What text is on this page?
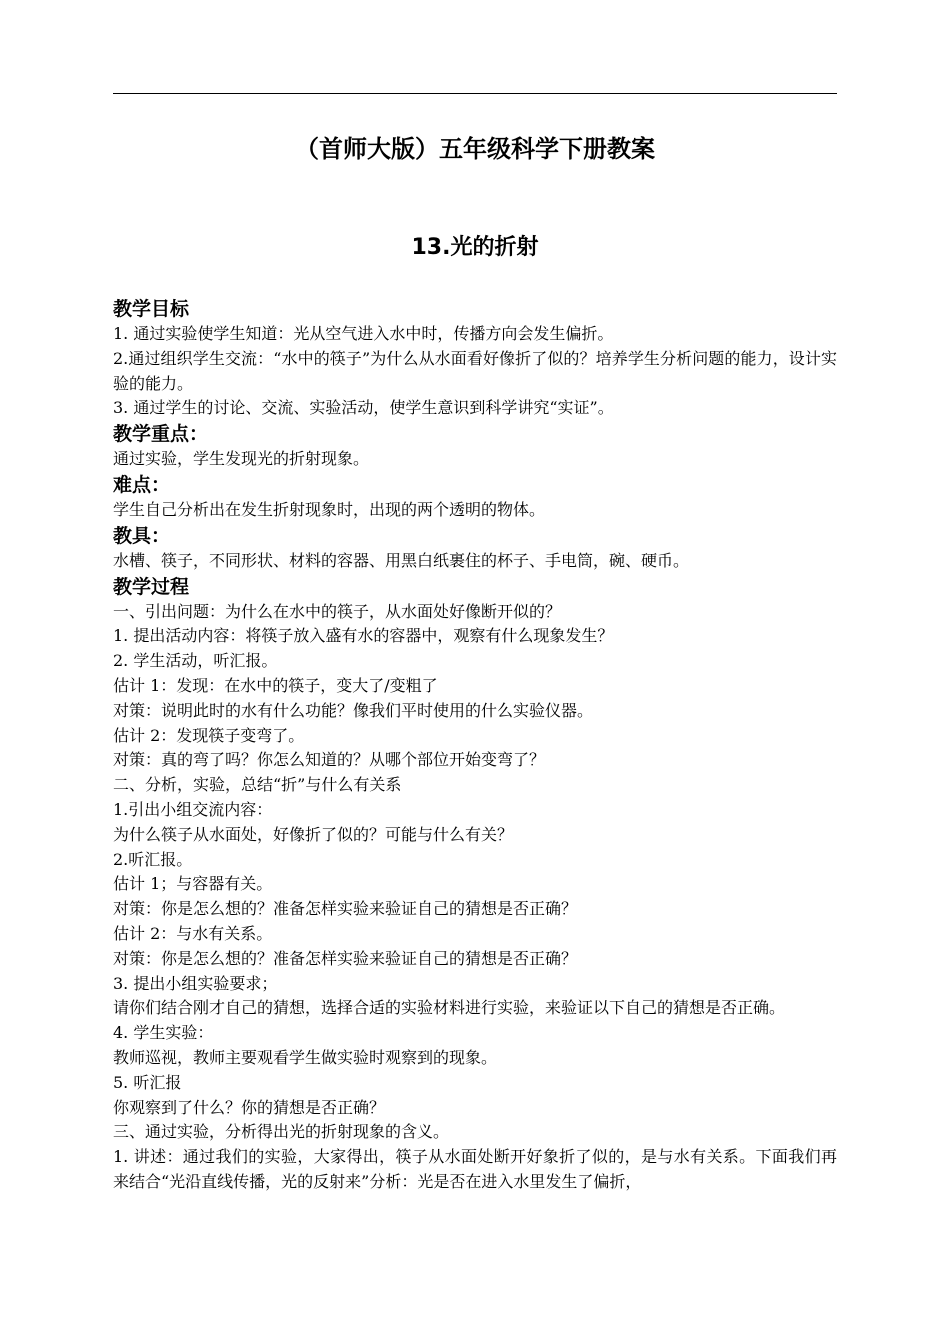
（首师大版）五年级科学下册教案
13.光的折射
教学目标

1. 通过实验使学生知道：光从空气进入水中时，传播方向会发生偏折。

2.通过组织学生交流：“水中的筷子”为什么从水面看好像折了似的？培养学生分析问题的能力，设计实验的能力。

3. 通过学生的讨论、交流、实验活动，使学生意识到科学讲究“实证”。

教学重点：

通过实验，学生发现光的折射现象。

难点：

学生自己分析出在发生折射现象时，出现的两个透明的物体。

教具：

水槽、筷子，不同形状、材料的容器、用黑白纸裹住的杯子、手电筒，碗、硬币。

教学过程

一、引出问题：为什么在水中的筷子，从水面处好像断开似的？

1. 提出活动内容：将筷子放入盛有水的容器中，观察有什么现象发生？

2. 学生活动，听汇报。

估计 1：发现：在水中的筷子，变大了/变粗了

对策：说明此时的水有什么功能？像我们平时使用的什么实验仪器。

估计 2：发现筷子变弯了。

对策：真的弯了吗？你怎么知道的？从哪个部位开始变弯了？

二、分析，实验，总结“折”与什么有关系

1.引出小组交流内容：

为什么筷子从水面处，好像折了似的？可能与什么有关？

2.听汇报。

估计 1；与容器有关。

对策：你是怎么想的？准备怎样实验来验证自己的猜想是否正确？

估计 2：与水有关系。

对策：你是怎么想的？准备怎样实验来验证自己的猜想是否正确？

3. 提出小组实验要求；

请你们结合刚才自己的猜想，选择合适的实验材料进行实验，来验证以下自己的猜想是否正确。

4. 学生实验：

教师巡视，教师主要观看学生做实验时观察到的现象。

5. 听汇报

你观察到了什么？你的猜想是否正确？

三、通过实验，分析得出光的折射现象的含义。

1. 讲述：通过我们的实验，大家得出，筷子从水面处断开好象折了似的，是与水有关系。下面我们再来结合“光沿直线传播，光的反射来”分析：光是否在进入水里发生了偏折，
